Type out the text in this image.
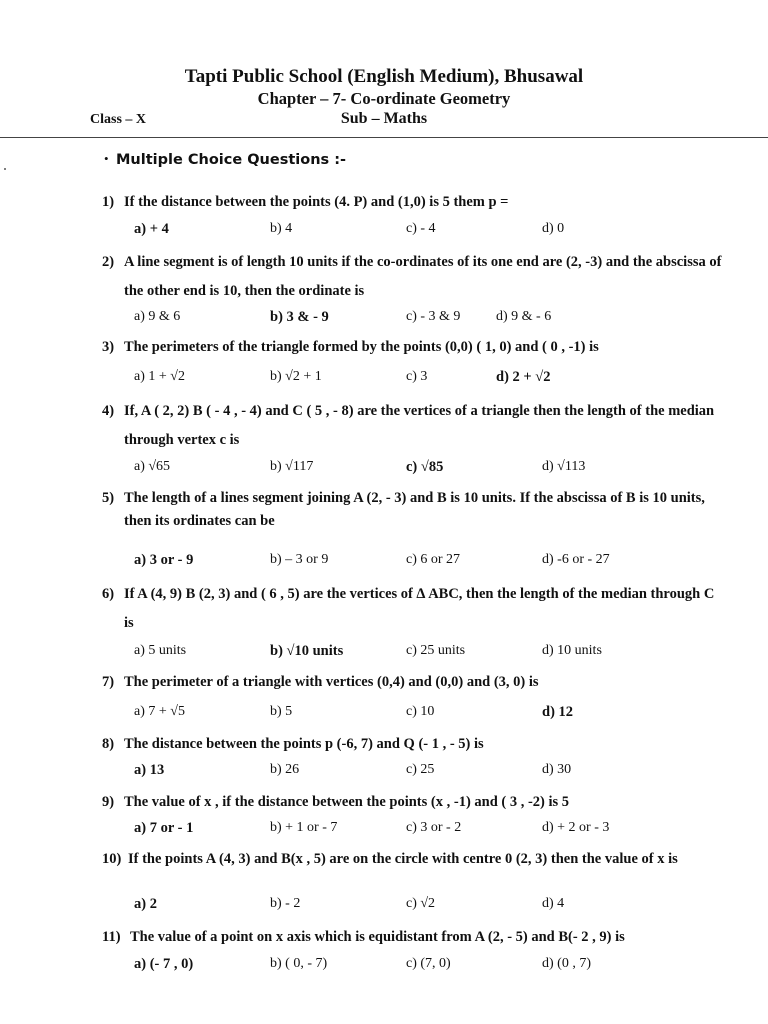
Tapti Public School (English Medium), Bhusawal
Chapter – 7- Co-ordinate Geometry
Class – X	Sub – Maths
• Multiple Choice Questions :-
1) If the distance between the points (4. P) and (1,0) is 5 them p =
a) + 4	b) 4	c) - 4	d) 0
2) A line segment is of length 10 units if the co-ordinates of its one end are (2, -3) and the abscissa of the other end is 10, then the ordinate is
a) 9 & 6	b) 3 & - 9	c) - 3 & 9	d) 9 & - 6
3) The perimeters of the triangle formed by the points (0,0) ( 1, 0) and ( 0 , -1) is
a) 1 + √2	b) √2 + 1	c) 3	d) 2 + √2
4) If, A ( 2, 2) B ( - 4 , - 4) and C ( 5 , - 8) are the vertices of a triangle then the length of the median through vertex c is
a) √65	b) √117	c) √85	d) √113
5) The length of a lines segment joining A (2, - 3) and B is 10 units. If the abscissa of B is 10 units, then its ordinates can be
a) 3 or - 9	b) – 3 or 9	c) 6 or 27	d) -6 or - 27
6) If A (4, 9) B (2, 3) and ( 6 , 5) are the vertices of ∆ ABC, then the length of the median through C is
a) 5 units	b) √10 units	c) 25 units	d) 10 units
7) The perimeter of a triangle with vertices (0,4) and (0,0) and (3, 0) is
a) 7 + √5	b) 5	c) 10	d) 12
8) The distance between the points p (-6, 7) and Q (- 1 , - 5) is
a) 13	b) 26	c) 25	d) 30
9) The value of x , if the distance between the points (x , -1) and ( 3 , -2) is 5
a) 7 or - 1	b) + 1 or - 7	c) 3 or - 2	d) + 2 or - 3
10) If the points A (4, 3) and B(x , 5) are on the circle with centre 0 (2, 3) then the value of x is
a) 2	b) - 2	c) √2	d) 4
11) The value of a point on x axis which is equidistant from A (2, - 5) and B(- 2 , 9) is
a) (- 7 , 0)	b) ( 0, - 7)	c) (7, 0)	d) (0 , 7)
